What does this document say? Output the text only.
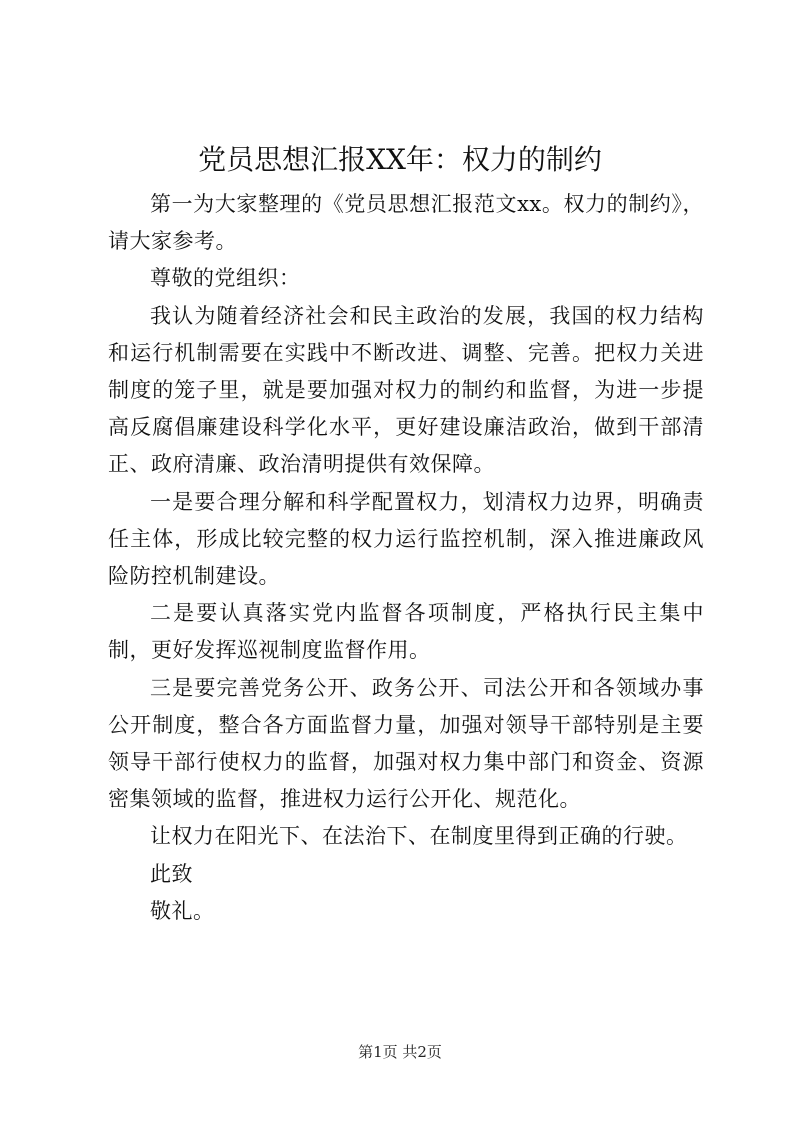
党员思想汇报XX年：权力的制约

第一为大家整理的《党员思想汇报范文xx。权力的制约》，请大家参考。

尊敬的党组织：

我认为随着经济社会和民主政治的发展，我国的权力结构和运行机制需要在实践中不断改进、调整、完善。把权力关进制度的笼子里，就是要加强对权力的制约和监督，为进一步提高反腐倡廉建设科学化水平，更好建设廉洁政治，做到干部清正、政府清廉、政治清明提供有效保障。

一是要合理分解和科学配置权力，划清权力边界，明确责任主体，形成比较完整的权力运行监控机制，深入推进廉政风险防控机制建设。

二是要认真落实党内监督各项制度，严格执行民主集中制，更好发挥巡视制度监督作用。

三是要完善党务公开、政务公开、司法公开和各领域办事公开制度，整合各方面监督力量，加强对领导干部特别是主要领导干部行使权力的监督，加强对权力集中部门和资金、资源密集领域的监督，推进权力运行公开化、规范化。

让权力在阳光下、在法治下、在制度里得到正确的行驶。

此致

敬礼。

第1页 共2页
